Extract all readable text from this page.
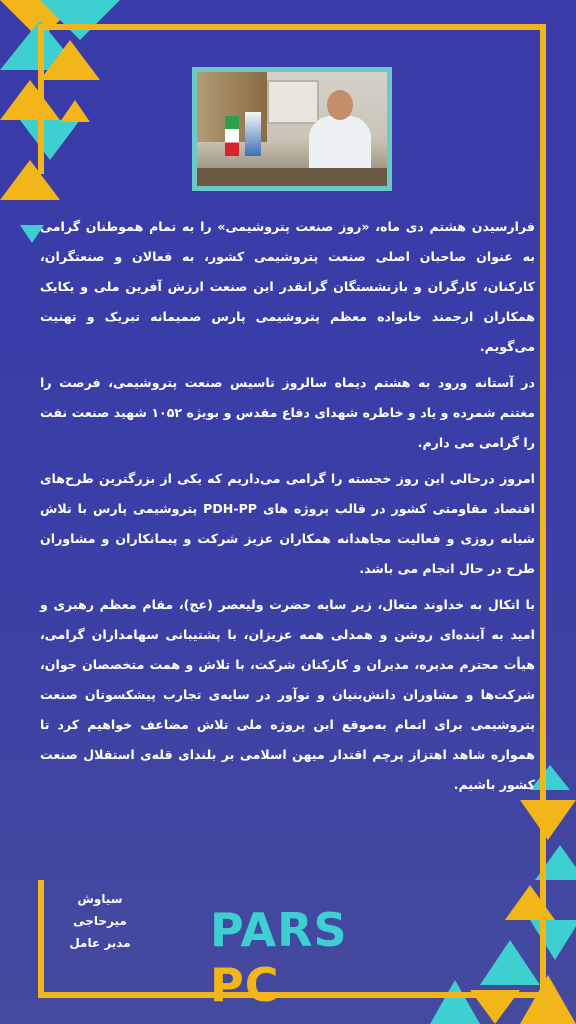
فرارسیدن هشتم دی ماه، «روز صنعت پتروشیمی» را به تمام هموطنان گرامی به عنوان صاحبان اصلی صنعت پتروشیمی کشور، به فعالان و صنعتگران، کارکنان، کارگران و بازنشستگان گرانقدر این صنعت ارزش آفرین ملی و یکایک همکاران ارجمند خانواده معظم پتروشیمی پارس صمیمانه تبریک و تهنیت می‌گویم.

در آستانه ورود به هشتم دیماه سالروز تاسیس صنعت پتروشیمی، فرصت را مغتنم شمرده و یاد و خاطره شهدای دفاع مقدس و بویژه ۱۰۵۲ شهید صنعت نفت را گرامی می دارم.

امروز درحالی این روز خجسته را گرامی می‌داریم که یکی از بزرگترین طرح‌های اقتصاد مقاومتی کشور در قالب پروژه های PDH-PP پتروشیمی پارس با تلاش شبانه روزی و فعالیت مجاهدانه همکاران عزیز شرکت و پیمانکاران و مشاوران طرح در حال انجام می باشد.

با اتکال به خداوند متعال، زیر سایه حضرت ولیعصر (عج)، مقام معظم رهبری و امید به آینده‌ای روشن و همدلی همه عزیزان، با پشتیبانی سهامداران گرامی، هیأت محترم مدیره، مدیران و کارکنان شرکت، با تلاش و همت متخصصان جوان، شرکت‌ها و مشاوران دانش‌بنیان و نوآور در سایه‌ی تجارب پیشکسوتان صنعت پتروشیمی برای اتمام به‌موقع این پروژه ملی تلاش مضاعف خواهیم کرد تا همواره شاهد اهتزاز پرچم اقتدار میهن اسلامی بر بلندای قله‌ی استقلال صنعت کشور باشیم.

سیاوش میرحاجی
مدیر عامل PARS PC
